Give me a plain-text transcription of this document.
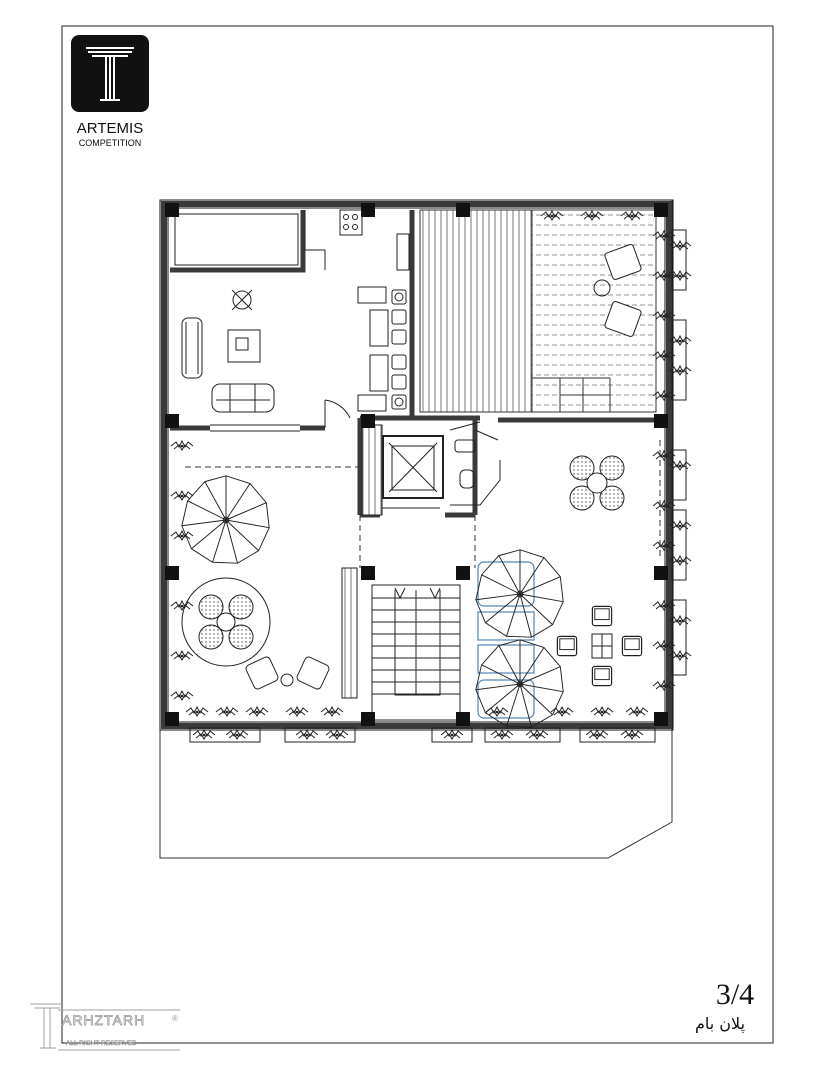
ARTEMIS
COMPETITION
3/4
پلان بام
ARHZTARH	®
ALL RIGHT RESERVED
